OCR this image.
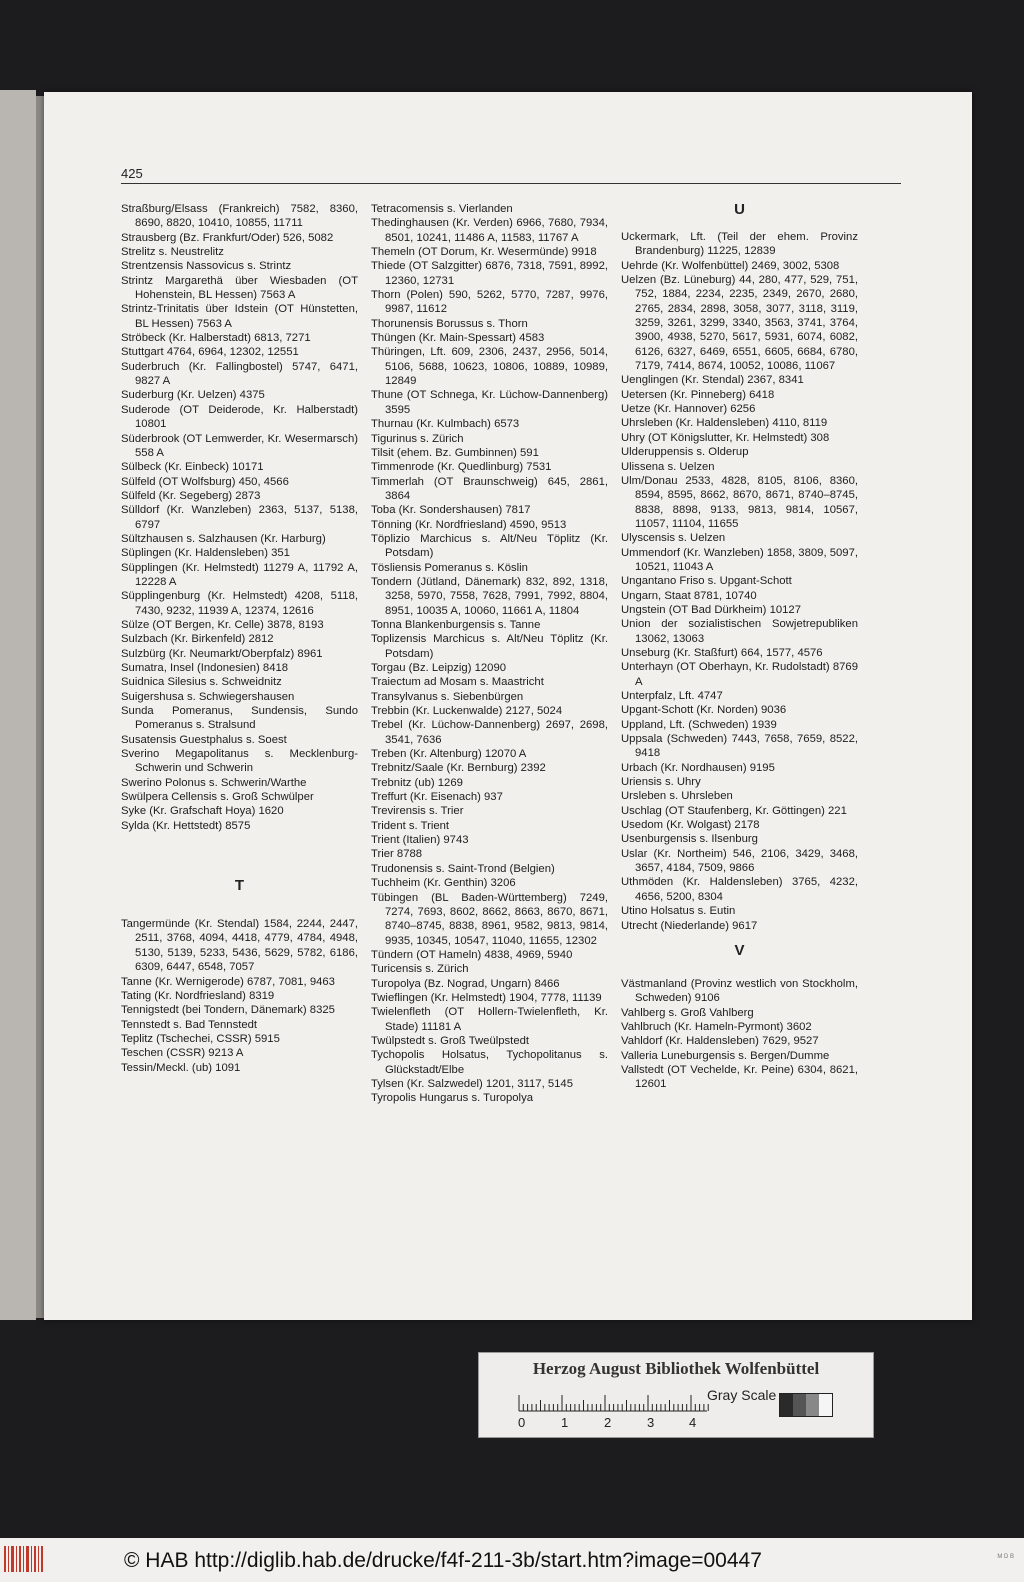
425
Straßburg/Elsass (Frankreich) 7582, 8360, 8690, 8820, 10410, 10855, 11711
Strausberg (Bz. Frankfurt/Oder) 526, 5082
Strelitz s. Neustrelitz
Strentzensis Nassovicus s. Strintz
Strintz Margarethä über Wiesbaden (OT Hohenstein, BL Hessen) 7563 A
Strintz-Trinitatis über Idstein (OT Hünstetten, BL Hessen) 7563 A
Ströbeck (Kr. Halberstadt) 6813, 7271
Stuttgart 4764, 6964, 12302, 12551
Suderbruch (Kr. Fallingbostel) 5747, 6471, 9827 A
Suderburg (Kr. Uelzen) 4375
Suderode (OT Deiderode, Kr. Halberstadt) 10801
Süderbrook (OT Lemwerder, Kr. Wesermarsch) 558 A
Sülbeck (Kr. Einbeck) 10171
Sülfeld (OT Wolfsburg) 450, 4566
Sülfeld (Kr. Segeberg) 2873
Sülldorf (Kr. Wanzleben) 2363, 5137, 5138, 6797
Sültzhausen s. Salzhausen (Kr. Harburg)
Süplingen (Kr. Haldensleben) 351
Süpplingen (Kr. Helmstedt) 11279 A, 11792 A, 12228 A
Süpplingenburg (Kr. Helmstedt) 4208, 5118, 7430, 9232, 11939 A, 12374, 12616
Sülze (OT Bergen, Kr. Celle) 3878, 8193
Sulzbach (Kr. Birkenfeld) 2812
Sulzbürg (Kr. Neumarkt/Oberpfalz) 8961
Sumatra, Insel (Indonesien) 8418
Suidnica Silesius s. Schweidnitz
Suigershusa s. Schwiegershausen
Sunda Pomeranus, Sundensis, Sundo Pomeranus s. Stralsund
Susatensis Guestphalus s. Soest
Sverino Megapolitanus s. Mecklenburg-Schwerin und Schwerin
Swerino Polonus s. Schwerin/Warthe
Swülpera Cellensis s. Groß Schwülper
Syke (Kr. Grafschaft Hoya) 1620
Sylda (Kr. Hettstedt) 8575
T
Tangermünde (Kr. Stendal) 1584, 2244, 2447, 2511, 3768, 4094, 4418, 4779, 4784, 4948, 5130, 5139, 5233, 5436, 5629, 5782, 6186, 6309, 6447, 6548, 7057
Tanne (Kr. Wernigerode) 6787, 7081, 9463
Tating (Kr. Nordfriesland) 8319
Tennigstedt (bei Tondern, Dänemark) 8325
Tennstedt s. Bad Tennstedt
Teplitz (Tschechei, CSSR) 5915
Teschen (CSSR) 9213 A
Tessin/Meckl. (ub) 1091
Tetracomensis s. Vierlanden
Thedinghausen (Kr. Verden) 6966, 7680, 7934, 8501, 10241, 11486 A, 11583, 11767 A
Themeln (OT Dorum, Kr. Wesermünde) 9918
Thiede (OT Salzgitter) 6876, 7318, 7591, 8992, 12360, 12731
Thorn (Polen) 590, 5262, 5770, 7287, 9976, 9987, 11612
Thorunensis Borussus s. Thorn
Thüngen (Kr. Main-Spessart) 4583
Thüringen, Lft. 609, 2306, 2437, 2956, 5014, 5106, 5688, 10623, 10806, 10889, 10989, 12849
Thune (OT Schnega, Kr. Lüchow-Dannenberg) 3595
Thurnau (Kr. Kulmbach) 6573
Tigurinus s. Zürich
Tilsit (ehem. Bz. Gumbinnen) 591
Timmenrode (Kr. Quedlinburg) 7531
Timmerlah (OT Braunschweig) 645, 2861, 3864
Toba (Kr. Sondershausen) 7817
Tönning (Kr. Nordfriesland) 4590, 9513
Töplizio Marchicus s. Alt/Neu Töplitz (Kr. Potsdam)
Tösliensis Pomeranus s. Köslin
Tondern (Jütland, Dänemark) 832, 892, 1318, 3258, 5970, 7558, 7628, 7991, 7992, 8804, 8951, 10035 A, 10060, 11661 A, 11804
Tonna Blankenburgensis s. Tanne
Toplizensis Marchicus s. Alt/Neu Töplitz (Kr. Potsdam)
Torgau (Bz. Leipzig) 12090
Traiectum ad Mosam s. Maastricht
Transylvanus s. Siebenbürgen
Trebbin (Kr. Luckenwalde) 2127, 5024
Trebel (Kr. Lüchow-Dannenberg) 2697, 2698, 3541, 7636
Treben (Kr. Altenburg) 12070 A
Trebnitz/Saale (Kr. Bernburg) 2392
Trebnitz (ub) 1269
Treffurt (Kr. Eisenach) 937
Trevirensis s. Trier
Trident s. Trient
Trient (Italien) 9743
Trier 8788
Trudonensis s. Saint-Trond (Belgien)
Tuchheim (Kr. Genthin) 3206
Tübingen (BL Baden-Württemberg) 7249, 7274, 7693, 8602, 8662, 8663, 8670, 8671, 8740–8745, 8838, 8961, 9582, 9813, 9814, 9935, 10345, 10547, 11040, 11655, 12302
Tündern (OT Hameln) 4838, 4969, 5940
Turicensis s. Zürich
Turopolya (Bz. Nograd, Ungarn) 8466
Twieflingen (Kr. Helmstedt) 1904, 7778, 11139
Twielenfleth (OT Hollern-Twielenfleth, Kr. Stade) 11181 A
Twülpstedt s. Groß Tweülpstedt
Tychopolis Holsatus, Tychopolitanus s. Glückstadt/Elbe
Tylsen (Kr. Salzwedel) 1201, 3117, 5145
Tyropolis Hungarus s. Turopolya
U
Uckermark, Lft. (Teil der ehem. Provinz Brandenburg) 11225, 12839
Uehrde (Kr. Wolfenbüttel) 2469, 3002, 5308
Uelzen (Bz. Lüneburg) 44, 280, 477, 529, 751, 752, 1884, 2234, 2235, 2349, 2670, 2680, 2765, 2834, 2898, 3058, 3077, 3118, 3119, 3259, 3261, 3299, 3340, 3563, 3741, 3764, 3900, 4938, 5270, 5617, 5931, 6074, 6082, 6126, 6327, 6469, 6551, 6605, 6684, 6780, 7179, 7414, 8674, 10052, 10086, 11067
Uenglingen (Kr. Stendal) 2367, 8341
Uetersen (Kr. Pinneberg) 6418
Uetze (Kr. Hannover) 6256
Uhrsleben (Kr. Haldensleben) 4110, 8119
Uhry (OT Königslutter, Kr. Helmstedt) 308
Ulderuppensis s. Olderup
Ulissena s. Uelzen
Ulm/Donau 2533, 4828, 8105, 8106, 8360, 8594, 8595, 8662, 8670, 8671, 8740–8745, 8838, 8898, 9133, 9813, 9814, 10567, 11057, 11104, 11655
Ulyscensis s. Uelzen
Ummendorf (Kr. Wanzleben) 1858, 3809, 5097, 10521, 11043 A
Ungantano Friso s. Upgant-Schott
Ungarn, Staat 8781, 10740
Ungstein (OT Bad Dürkheim) 10127
Union der sozialistischen Sowjetrepubliken 13062, 13063
Unseburg (Kr. Staßfurt) 664, 1577, 4576
Unterhayn (OT Oberhayn, Kr. Rudolstadt) 8769 A
Unterpfalz, Lft. 4747
Upgant-Schott (Kr. Norden) 9036
Uppland, Lft. (Schweden) 1939
Uppsala (Schweden) 7443, 7658, 7659, 8522, 9418
Urbach (Kr. Nordhausen) 9195
Uriensis s. Uhry
Ursleben s. Uhrsleben
Uschlag (OT Staufenberg, Kr. Göttingen) 221
Usedom (Kr. Wolgast) 2178
Usenburgensis s. Ilsenburg
Uslar (Kr. Northeim) 546, 2106, 3429, 3468, 3657, 4184, 7509, 9866
Uthmöden (Kr. Haldensleben) 3765, 4232, 4656, 5200, 8304
Utino Holsatus s. Eutin
Utrecht (Niederlande) 9617
V
Västmanland (Provinz westlich von Stockholm, Schweden) 9106
Vahlberg s. Groß Vahlberg
Vahlbruch (Kr. Hameln-Pyrmont) 3602
Vahldorf (Kr. Haldensleben) 7629, 9527
Valleria Luneburgensis s. Bergen/Dumme
Vallstedt (OT Vechelde, Kr. Peine) 6304, 8621, 12601
Herzog August Bibliothek Wolfenbüttel
0	1	2	3	4
Gray Scale
© HAB http://diglib.hab.de/drucke/f4f-211-3b/start.htm?image=00447	M D B
